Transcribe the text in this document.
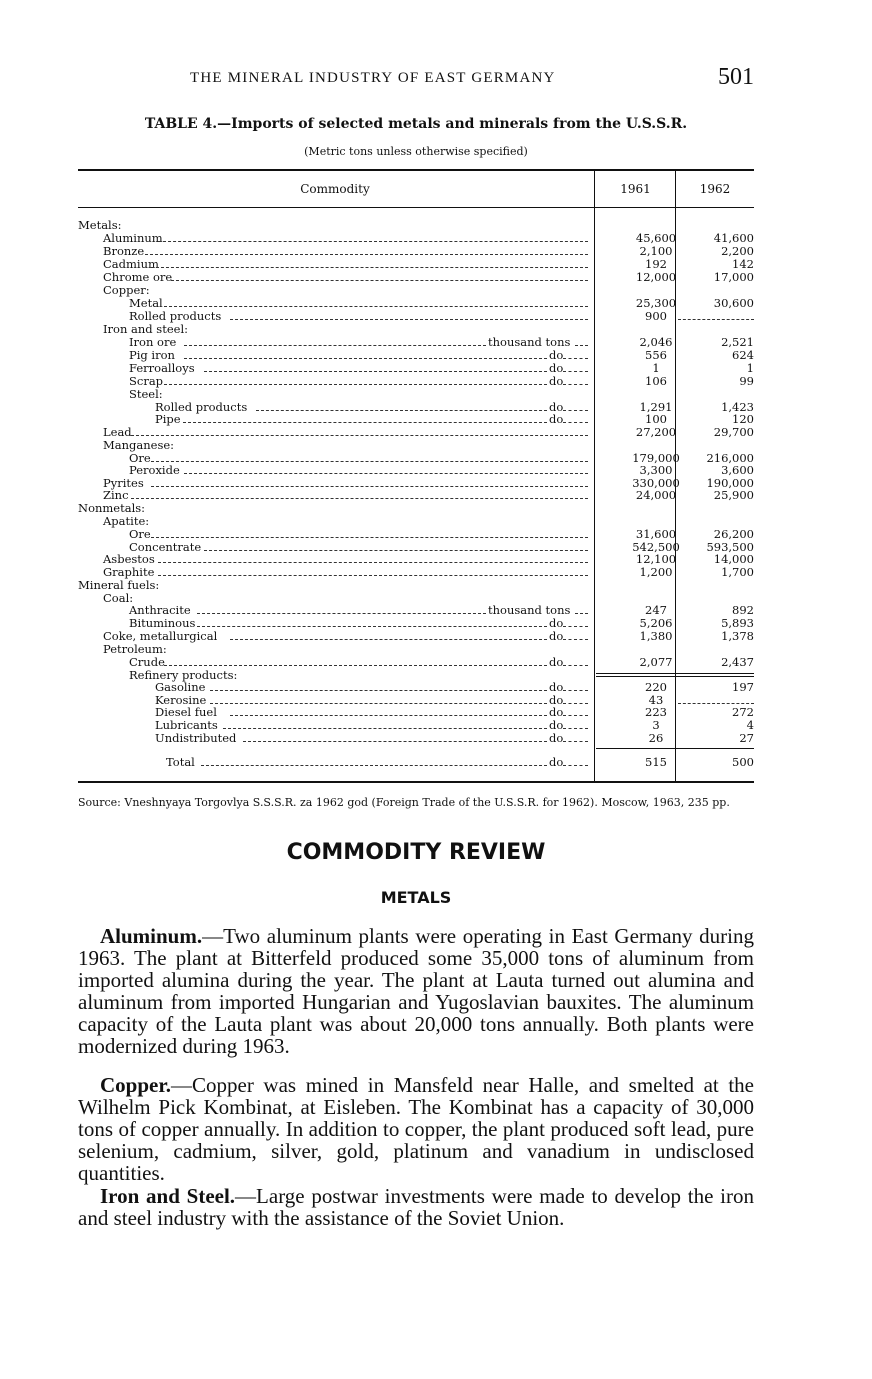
THE MINERAL INDUSTRY OF EAST GERMANY	501
TABLE 4.—Imports of selected metals and minerals from the U.S.S.R.
(Metric tons unless otherwise specified)
Commodity	1961	1962
Metals:
Aluminum	45,600	41,600
Bronze	2,100	2,200
Cadmium	192	142
Chrome ore	12,000	17,000
Copper:
Metal	25,300	30,600
Rolled products	900
Iron and steel:
Iron ore	thousand tons	2,046	2,521
Pig iron	do	556	624
Ferroalloys	do	1	1
Scrap	do	106	99
Steel:
Rolled products	do	1,291	1,423
Pipe	do	100	120
Lead	27,200	29,700
Manganese:
Ore	179,000	216,000
Peroxide	3,300	3,600
Pyrites	330,000	190,000
Zinc	24,000	25,900
Nonmetals:
Apatite:
Ore	31,600	26,200
Concentrate	542,500	593,500
Asbestos	12,100	14,000
Graphite	1,200	1,700
Mineral fuels:
Coal:
Anthracite	thousand tons	247	892
Bituminous	do	5,206	5,893
Coke, metallurgical	do	1,380	1,378
Petroleum:
Crude	do	2,077	2,437
Refinery products:
Gasoline	do	220	197
Kerosine	do	43
Diesel fuel	do	223	272
Lubricants	do	3	4
Undistributed	do	26	27
Total	do	515	500
Source: Vneshnyaya Torgovlya S.S.S.R. za 1962 god (Foreign Trade of the U.S.S.R. for 1962). Moscow, 1963, 235 pp.
COMMODITY REVIEW
METALS

Aluminum.—Two aluminum plants were operating in East Germany during 1963. The plant at Bitterfeld produced some 35,000 tons of aluminum from imported alumina during the year. The plant at Lauta turned out alumina and aluminum from imported Hungarian and Yugoslavian bauxites. The aluminum capacity of the Lauta plant was about 20,000 tons annually. Both plants were modernized during 1963.

Copper.—Copper was mined in Mansfeld near Halle, and smelted at the Wilhelm Pick Kombinat, at Eisleben. The Kombinat has a capacity of 30,000 tons of copper annually. In addition to copper, the plant produced soft lead, pure selenium, cadmium, silver, gold, platinum and vanadium in undisclosed quantities.

Iron and Steel.—Large postwar investments were made to develop the iron and steel industry with the assistance of the Soviet Union.
